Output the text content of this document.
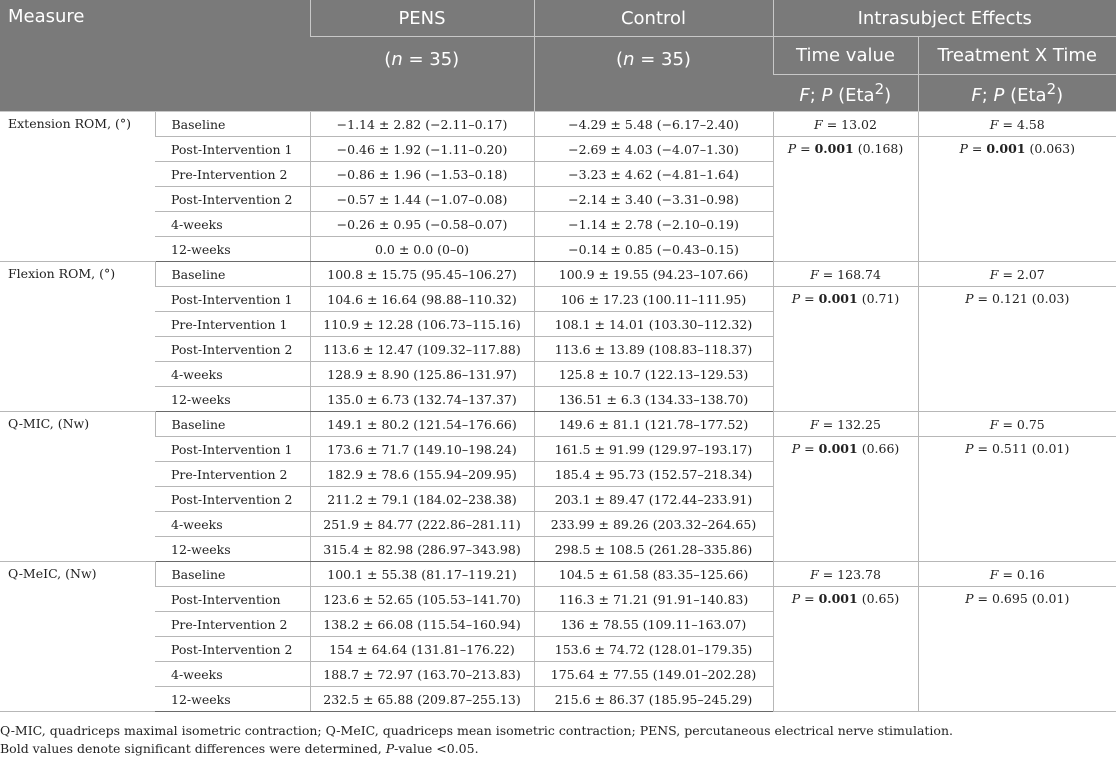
Measure		PENS	Control	Intrasubject Effects	
		(n = 35)	(n = 35)	Time value	Treatment X Time
				F; P (Eta$^2$)	F; P (Eta$^2$)
Extension ROM, (°)	Baseline	−1.14 ± 2.82 (−2.11–0.17)	−4.29 ± 5.48 (−6.17–2.40)	F = 13.02	F = 4.58
	Post-Intervention 1	−0.46 ± 1.92 (−1.11–0.20)	−2.69 ± 4.03 (−4.07–1.30)	P = 0.001 (0.168)	P = 0.001 (0.063)
	Pre-Intervention 2	−0.86 ± 1.96 (−1.53–0.18)	−3.23 ± 4.62 (−4.81–1.64)		
	Post-Intervention 2	−0.57 ± 1.44 (−1.07–0.08)	−2.14 ± 3.40 (−3.31–0.98)		
	4-weeks	−0.26 ± 0.95 (−0.58–0.07)	−1.14 ± 2.78 (−2.10–0.19)		
	12-weeks	0.0 ± 0.0 (0–0)	−0.14 ± 0.85 (−0.43–0.15)		
Flexion ROM, (°)	Baseline	100.8 ± 15.75 (95.45–106.27)	100.9 ± 19.55 (94.23–107.66)	F = 168.74	F = 2.07
	Post-Intervention 1	104.6 ± 16.64 (98.88–110.32)	106 ± 17.23 (100.11–111.95)	P = 0.001 (0.71)	P = 0.121 (0.03)
	Pre-Intervention 1	110.9 ± 12.28 (106.73–115.16)	108.1 ± 14.01 (103.30–112.32)		
	Post-Intervention 2	113.6 ± 12.47 (109.32–117.88)	113.6 ± 13.89 (108.83–118.37)		
	4-weeks	128.9 ± 8.90 (125.86–131.97)	125.8 ± 10.7 (122.13–129.53)		
	12-weeks	135.0 ± 6.73 (132.74–137.37)	136.51 ± 6.3 (134.33–138.70)		
Q-MIC, (Nw)	Baseline	149.1 ± 80.2 (121.54–176.66)	149.6 ± 81.1 (121.78–177.52)	F = 132.25	F = 0.75
	Post-Intervention 1	173.6 ± 71.7 (149.10–198.24)	161.5 ± 91.99 (129.97–193.17)	P = 0.001 (0.66)	P = 0.511 (0.01)
	Pre-Intervention 2	182.9 ± 78.6 (155.94–209.95)	185.4 ± 95.73 (152.57–218.34)		
	Post-Intervention 2	211.2 ± 79.1 (184.02–238.38)	203.1 ± 89.47 (172.44–233.91)		
	4-weeks	251.9 ± 84.77 (222.86–281.11)	233.99 ± 89.26 (203.32–264.65)		
	12-weeks	315.4 ± 82.98 (286.97–343.98)	298.5 ± 108.5 (261.28–335.86)		
Q-MeIC, (Nw)	Baseline	100.1 ± 55.38 (81.17–119.21)	104.5 ± 61.58 (83.35–125.66)	F = 123.78	F = 0.16
	Post-Intervention	123.6 ± 52.65 (105.53–141.70)	116.3 ± 71.21 (91.91–140.83)	P = 0.001 (0.65)	P = 0.695 (0.01)
	Pre-Intervention 2	138.2 ± 66.08 (115.54–160.94)	136 ± 78.55 (109.11–163.07)		
	Post-Intervention 2	154 ± 64.64 (131.81–176.22)	153.6 ± 74.72 (128.01–179.35)		
	4-weeks	188.7 ± 72.97 (163.70–213.83)	175.64 ± 77.55 (149.01–202.28)		
	12-weeks	232.5 ± 65.88 (209.87–255.13)	215.6 ± 86.37 (185.95–245.29)		
Q-MIC, quadriceps maximal isometric contraction; Q-MeIC, quadriceps mean isometric contraction; PENS, percutaneous electrical nerve stimulation.
Bold values denote significant differences were determined, P-value <0.05.
